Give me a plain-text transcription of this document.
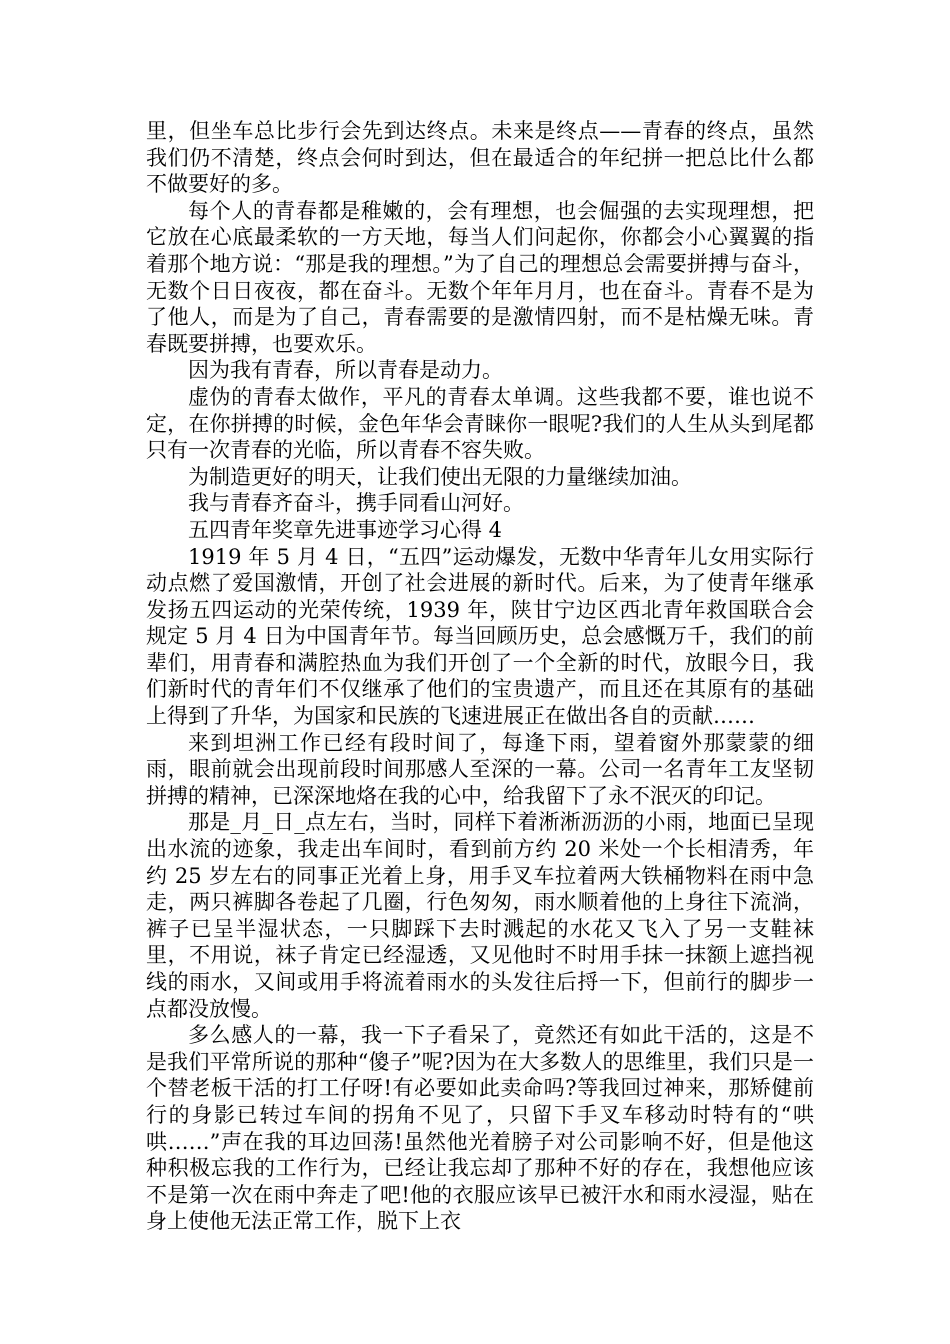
里，但坐车总比步行会先到达终点。未来是终点——青春的终点，虽然我们仍不清楚，终点会何时到达，但在最适合的年纪拼一把总比什么都不做要好的多。

每个人的青春都是稚嫩的，会有理想，也会倔强的去实现理想，把它放在心底最柔软的一方天地，每当人们问起你，你都会小心翼翼的指着那个地方说：“那是我的理想。”为了自己的理想总会需要拼搏与奋斗，无数个日日夜夜，都在奋斗。无数个年年月月，也在奋斗。青春不是为了他人，而是为了自己，青春需要的是激情四射，而不是枯燥无味。青春既要拼搏，也要欢乐。

因为我有青春，所以青春是动力。

虚伪的青春太做作，平凡的青春太单调。这些我都不要，谁也说不定，在你拼搏的时候，金色年华会青睐你一眼呢?我们的人生从头到尾都只有一次青春的光临，所以青春不容失败。

为制造更好的明天，让我们使出无限的力量继续加油。

我与青春齐奋斗，携手同看山河好。

五四青年奖章先进事迹学习心得 4

1919 年 5 月 4 日，“五四”运动爆发，无数中华青年儿女用实际行动点燃了爱国激情，开创了社会进展的新时代。后来，为了使青年继承发扬五四运动的光荣传统，1939 年，陕甘宁边区西北青年救国联合会规定 5 月 4 日为中国青年节。每当回顾历史，总会感慨万千，我们的前辈们，用青春和满腔热血为我们开创了一个全新的时代，放眼今日，我们新时代的青年们不仅继承了他们的宝贵遗产，而且还在其原有的基础上得到了升华，为国家和民族的飞速进展正在做出各自的贡献……

来到坦洲工作已经有段时间了，每逢下雨，望着窗外那蒙蒙的细雨，眼前就会出现前段时间那感人至深的一幕。公司一名青年工友坚韧拼搏的精神，已深深地烙在我的心中，给我留下了永不泯灭的印记。

那是_月_日_点左右，当时，同样下着淅淅沥沥的小雨，地面已呈现出水流的迹象，我走出车间时，看到前方约 20 米处一个长相清秀，年约 25 岁左右的同事正光着上身，用手叉车拉着两大铁桶物料在雨中急走，两只裤脚各卷起了几圈，行色匆匆，雨水顺着他的上身往下流淌，裤子已呈半湿状态，一只脚踩下去时溅起的水花又飞入了另一支鞋袜里，不用说，袜子肯定已经湿透，又见他时不时用手抹一抹额上遮挡视线的雨水，又间或用手将流着雨水的头发往后捋一下，但前行的脚步一点都没放慢。

多么感人的一幕，我一下子看呆了，竟然还有如此干活的，这是不是我们平常所说的那种“傻子”呢?因为在大多数人的思维里，我们只是一个替老板干活的打工仔呀!有必要如此卖命吗?等我回过神来，那矫健前行的身影已转过车间的拐角不见了，只留下手叉车移动时特有的“哄哄……”声在我的耳边回荡!虽然他光着膀子对公司影响不好，但是他这种积极忘我的工作行为，已经让我忘却了那种不好的存在，我想他应该不是第一次在雨中奔走了吧!他的衣服应该早已被汗水和雨水浸湿，贴在身上使他无法正常工作，脱下上衣
